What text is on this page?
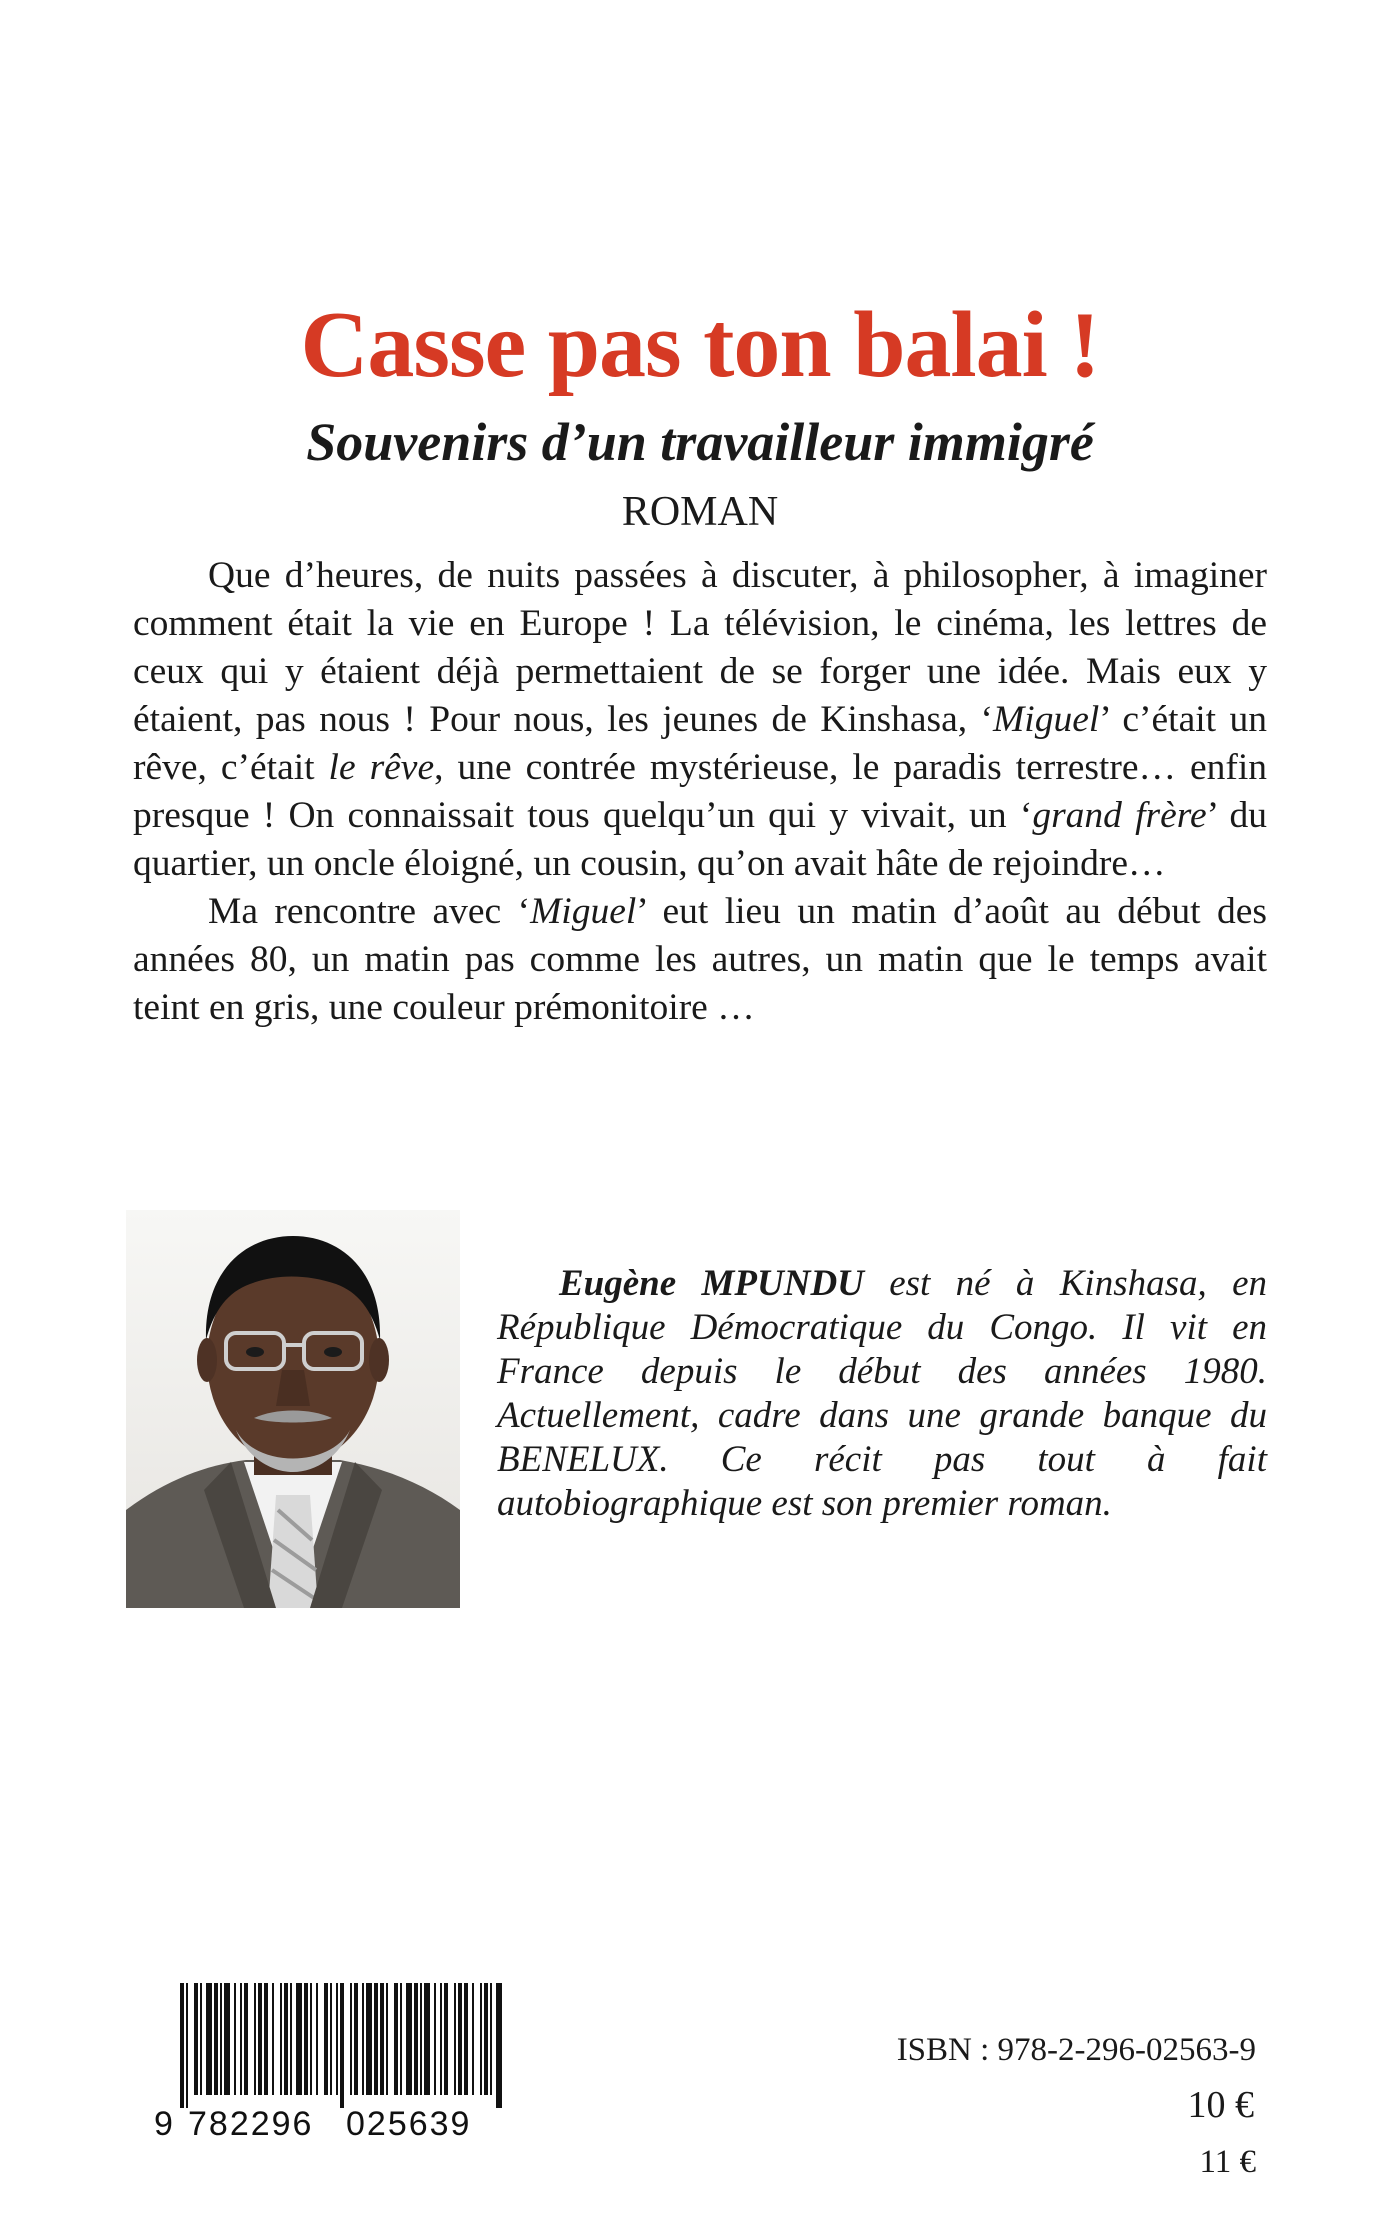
Casse pas ton balai !
Souvenirs d’un travailleur immigré
ROMAN

Que d’heures, de nuits passées à discuter, à philosopher, à imaginer comment était la vie en Europe ! La télévision, le cinéma, les lettres de ceux qui y étaient déjà permettaient de se forger une idée. Mais eux y étaient, pas nous ! Pour nous, les jeunes de Kinshasa, ‘Miguel’ c’était un rêve, c’était le rêve, une contrée mystérieuse, le paradis terrestre… enfin presque ! On connaissait tous quelqu’un qui y vivait, un ‘grand frère’ du quartier, un oncle éloigné, un cousin, qu’on avait hâte de rejoindre…

Ma rencontre avec ‘Miguel’ eut lieu un matin d’août au début des années 80, un matin pas comme les autres, un matin que le temps avait teint en gris, une couleur prémonitoire …

Eugène MPUNDU est né à Kinshasa, en République Démocratique du Congo. Il vit en France depuis le début des années 1980. Actuellement, cadre dans une grande banque du BENELUX. Ce récit pas tout à fait autobiographique est son premier roman.

9 782296 025639
ISBN : 978-2-296-02563-9
10 €
11 €
